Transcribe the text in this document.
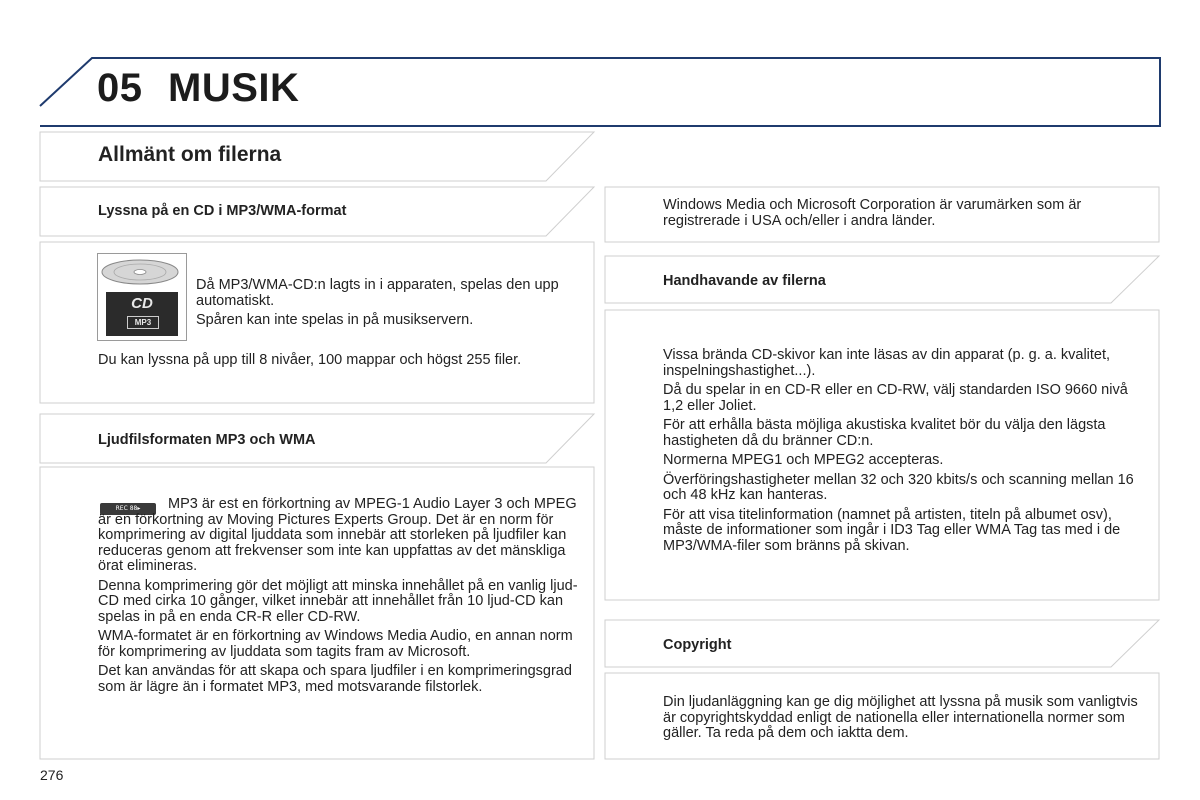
05 MUSIK
Allmänt om filerna
Lyssna på en CD i MP3/WMA-format
CD
MP3

Då MP3/WMA-CD:n lagts in i apparaten, spelas den upp automatiskt.

Spåren kan inte spelas in på musikservern.

Du kan lyssna på upp till 8 nivåer, 100 mappar och högst 255 filer.
Ljudfilsformaten MP3 och WMA
REC 88▸	MP3 är est en förkortning av MPEG-1 Audio Layer 3 och MPEG är en förkortning av Moving Pictures Experts Group. Det är en norm för komprimering av digital ljuddata som innebär att storleken på ljudfiler kan reduceras genom att frekvenser som inte kan uppfattas av det mänskliga örat elimineras.

Denna komprimering gör det möjligt att minska innehållet på en vanlig ljud-CD med cirka 10 gånger, vilket innebär att innehållet från 10 ljud-CD kan spelas in på en enda CR-R eller CD-RW.

WMA-formatet är en förkortning av Windows Media Audio, en annan norm för komprimering av ljuddata som tagits fram av Microsoft.

Det kan användas för att skapa och spara ljudfiler i en komprimeringsgrad som är lägre än i formatet MP3, med motsvarande filstorlek.

Windows Media och Microsoft Corporation är varumärken som är registrerade i USA och/eller i andra länder.
Handhavande av filerna

Vissa brända CD-skivor kan inte läsas av din apparat (p. g. a. kvalitet, inspelningshastighet...).

Då du spelar in en CD-R eller en CD-RW, välj standarden ISO 9660 nivå 1,2 eller Joliet.

För att erhålla bästa möjliga akustiska kvalitet bör du välja den lägsta hastigheten då du bränner CD:n.

Normerna MPEG1 och MPEG2 accepteras.

Överföringshastigheter mellan 32 och 320 kbits/s och scanning mellan 16 och 48 kHz kan hanteras.

För att visa titelinformation (namnet på artisten, titeln på albumet osv), måste de informationer som ingår i ID3 Tag eller WMA Tag tas med i de MP3/WMA-filer som bränns på skivan.

Copyright
Din ljudanläggning kan ge dig möjlighet att lyssna på musik som vanligtvis är copyrightskyddad enligt de nationella eller internationella normer som gäller. Ta reda på dem och iaktta dem.
276
